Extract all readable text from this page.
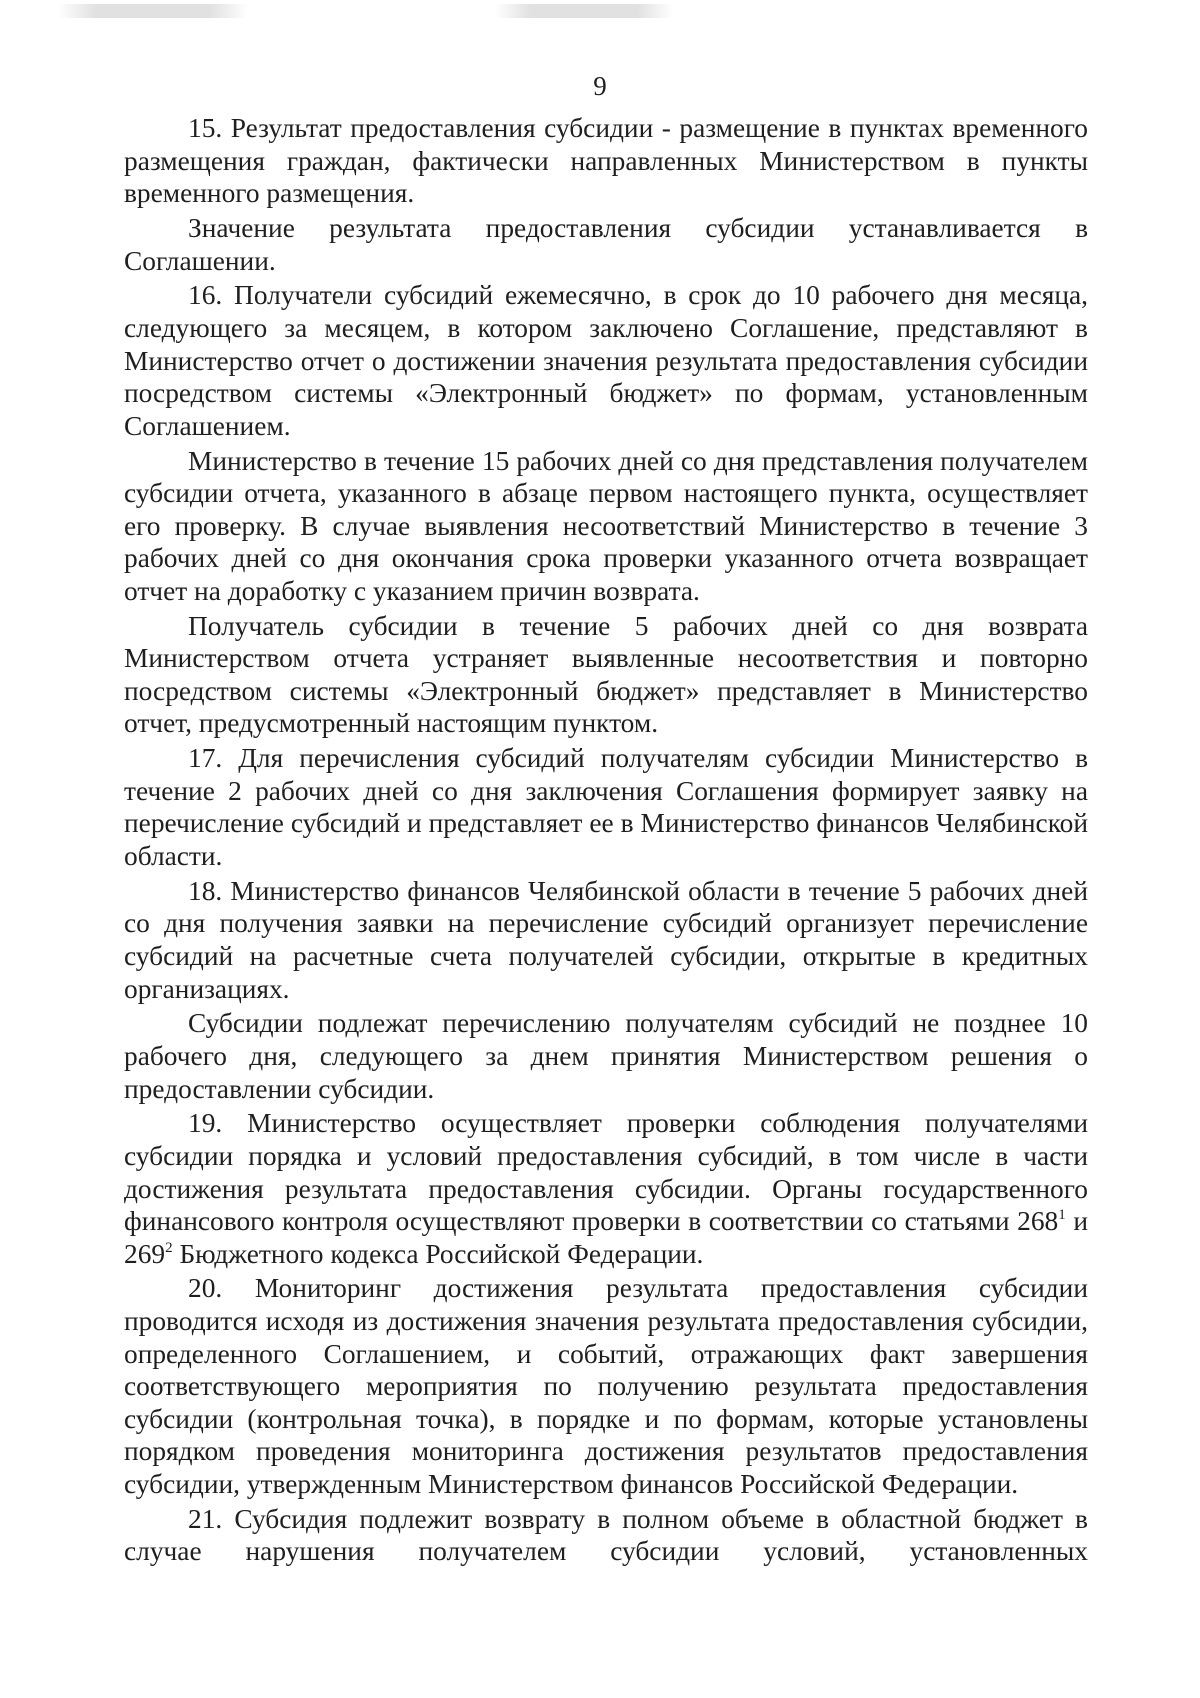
9

15. Результат предоставления субсидии - размещение в пунктах временного размещения граждан, фактически направленных Министерством в пункты временного размещения.

Значение результата предоставления субсидии устанавливается в Соглашении.

16. Получатели субсидий ежемесячно, в срок до 10 рабочего дня месяца, следующего за месяцем, в котором заключено Соглашение, представляют в Министерство отчет о достижении значения результата предоставления субсидии посредством системы «Электронный бюджет» по формам, установленным Соглашением.

Министерство в течение 15 рабочих дней со дня представления получателем субсидии отчета, указанного в абзаце первом настоящего пункта, осуществляет его проверку. В случае выявления несоответствий Министерство в течение 3 рабочих дней со дня окончания срока проверки указанного отчета возвращает отчет на доработку с указанием причин возврата.

Получатель субсидии в течение 5 рабочих дней со дня возврата Министерством отчета устраняет выявленные несоответствия и повторно посредством системы «Электронный бюджет» представляет в Министерство отчет, предусмотренный настоящим пунктом.

17. Для перечисления субсидий получателям субсидии Министерство в течение 2 рабочих дней со дня заключения Соглашения формирует заявку на перечисление субсидий и представляет ее в Министерство финансов Челябинской области.

18. Министерство финансов Челябинской области в течение 5 рабочих дней со дня получения заявки на перечисление субсидий организует перечисление субсидий на расчетные счета получателей субсидии, открытые в кредитных организациях.

Субсидии подлежат перечислению получателям субсидий не позднее 10 рабочего дня, следующего за днем принятия Министерством решения о предоставлении субсидии.

19. Министерство осуществляет проверки соблюдения получателями субсидии порядка и условий предоставления субсидий, в том числе в части достижения результата предоставления субсидии. Органы государственного финансового контроля осуществляют проверки в соответствии со статьями $268^1$ и $269^2$ Бюджетного кодекса Российской Федерации.

20. Мониторинг достижения результата предоставления субсидии проводится исходя из достижения значения результата предоставления субсидии, определенного Соглашением, и событий, отражающих факт завершения соответствующего мероприятия по получению результата предоставления субсидии (контрольная точка), в порядке и по формам, которые установлены порядком проведения мониторинга достижения результатов предоставления субсидии, утвержденным Министерством финансов Российской Федерации.

21. Субсидия подлежит возврату в полном объеме в областной бюджет в случае нарушения получателем субсидии условий, установленных
